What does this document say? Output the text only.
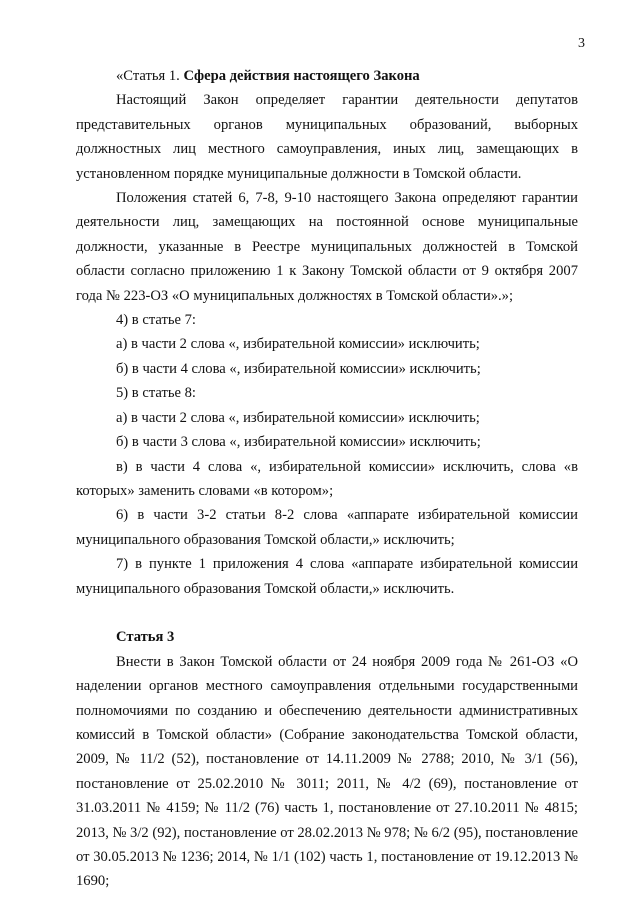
3

«Статья 1. Сфера действия настоящего Закона

Настоящий Закон определяет гарантии деятельности депутатов представительных органов муниципальных образований, выборных должностных лиц местного самоуправления, иных лиц, замещающих в установленном порядке муниципальные должности в Томской области.

Положения статей 6, 7-8, 9-10 настоящего Закона определяют гарантии деятельности лиц, замещающих на постоянной основе муниципальные должности, указанные в Реестре муниципальных должностей в Томской области согласно приложению 1 к Закону Томской области от 9 октября 2007 года № 223-ОЗ «О муниципальных должностях в Томской области».»;

4) в статье 7:

а) в части 2 слова «, избирательной комиссии» исключить;

б) в части 4 слова «, избирательной комиссии» исключить;

5) в статье 8:

а) в части 2 слова «, избирательной комиссии» исключить;

б) в части 3 слова «, избирательной комиссии» исключить;

в) в части 4 слова «, избирательной комиссии» исключить, слова «в которых» заменить словами «в котором»;

6) в части 3-2 статьи 8-2 слова «аппарате избирательной комиссии муниципального образования Томской области,» исключить;

7) в пункте 1 приложения 4 слова «аппарате избирательной комиссии муниципального образования Томской области,» исключить.

Статья 3

Внести в Закон Томской области от 24 ноября 2009 года № 261-ОЗ «О наделении органов местного самоуправления отдельными государственными полномочиями по созданию и обеспечению деятельности административных комиссий в Томской области» (Собрание законодательства Томской области, 2009, № 11/2 (52), постановление от 14.11.2009 № 2788; 2010, № 3/1 (56), постановление от 25.02.2010 № 3011; 2011, № 4/2 (69), постановление от 31.03.2011 № 4159; № 11/2 (76) часть 1, постановление от 27.10.2011 № 4815; 2013, № 3/2 (92), постановление от 28.02.2013 № 978; № 6/2 (95), постановление от 30.05.2013 № 1236; 2014, № 1/1 (102) часть 1, постановление от 19.12.2013 № 1690;
